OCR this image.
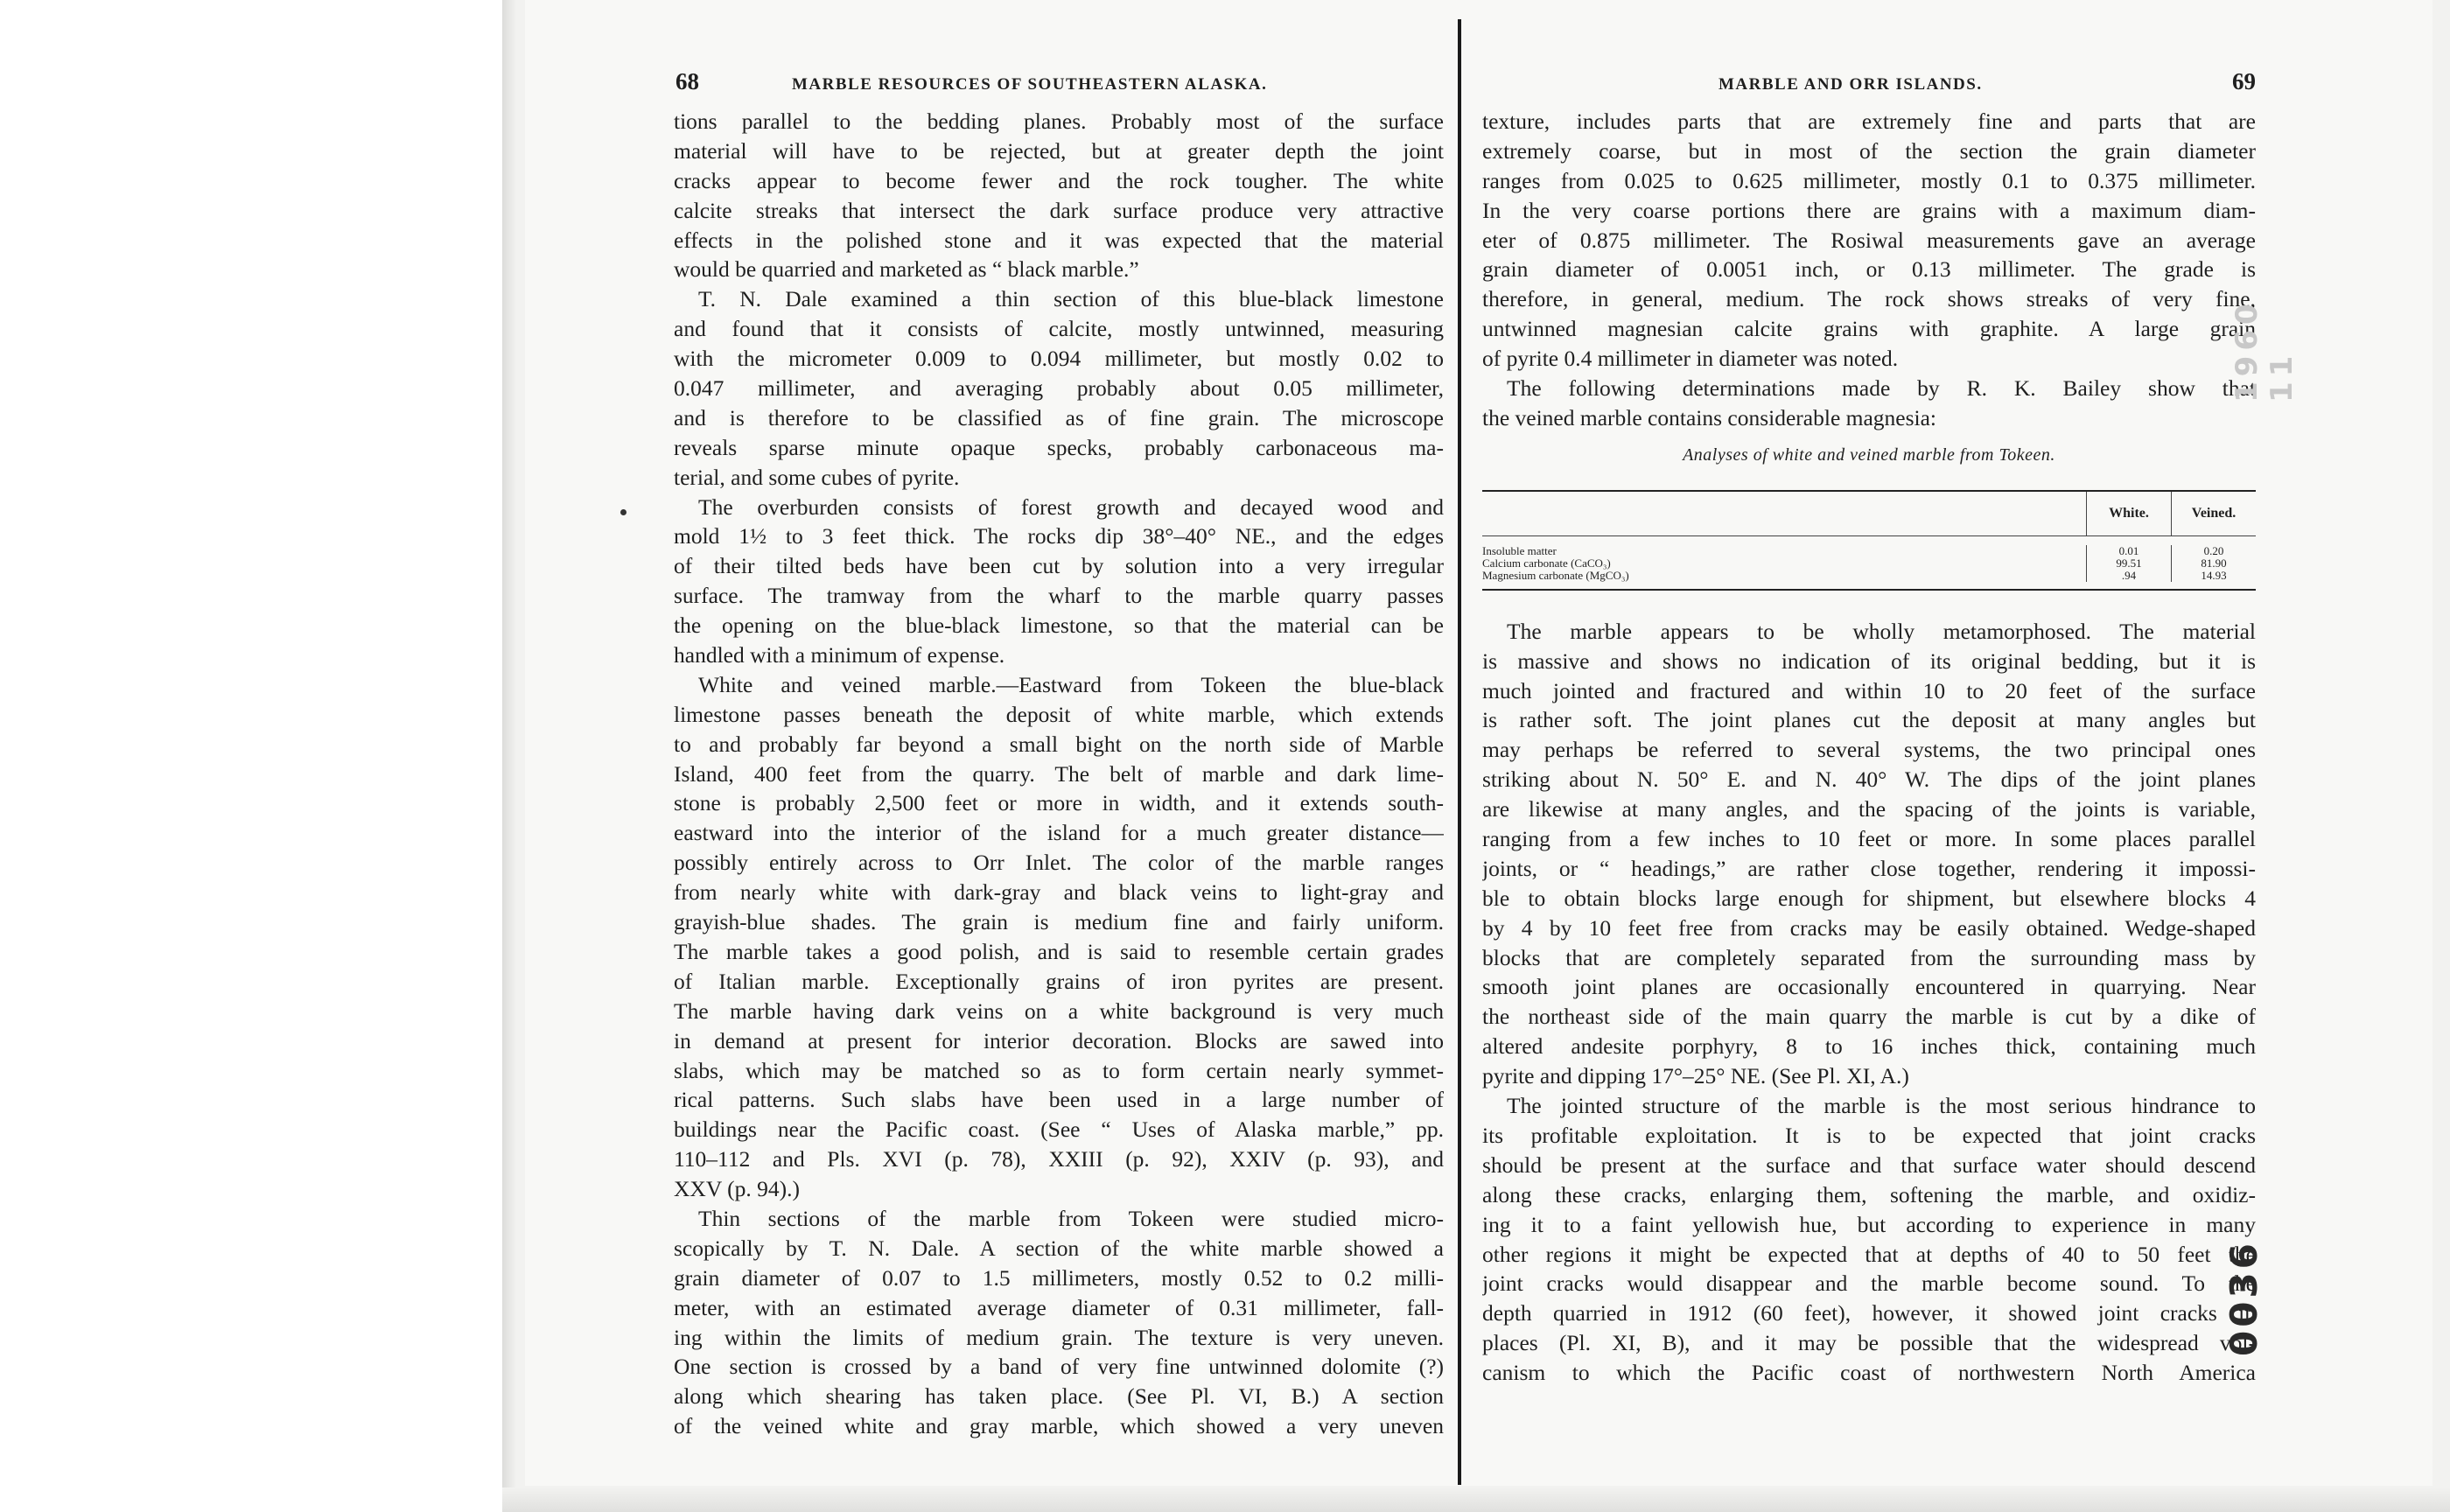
68	MARBLE RESOURCES OF SOUTHEASTERN ALASKA.
tions parallel to the bedding planes. Probably most of the surface
material will have to be rejected, but at greater depth the joint
cracks appear to become fewer and the rock tougher. The white
calcite streaks that intersect the dark surface produce very attractive
effects in the polished stone and it was expected that the material
would be quarried and marketed as “ black marble.”
T. N. Dale examined a thin section of this blue-black limestone
and found that it consists of calcite, mostly untwinned, measuring
with the micrometer 0.009 to 0.094 millimeter, but mostly 0.02 to
0.047 millimeter, and averaging probably about 0.05 millimeter,
and is therefore to be classified as of fine grain. The microscope
reveals sparse minute opaque specks, probably carbonaceous ma-
terial, and some cubes of pyrite.
The overburden consists of forest growth and decayed wood and
mold 1½ to 3 feet thick. The rocks dip 38°–40° NE., and the edges
of their tilted beds have been cut by solution into a very irregular
surface. The tramway from the wharf to the marble quarry passes
the opening on the blue-black limestone, so that the material can be
handled with a minimum of expense.
White and veined marble.—Eastward from Tokeen the blue-black
limestone passes beneath the deposit of white marble, which extends
to and probably far beyond a small bight on the north side of Marble
Island, 400 feet from the quarry. The belt of marble and dark lime-
stone is probably 2,500 feet or more in width, and it extends south-
eastward into the interior of the island for a much greater distance—
possibly entirely across to Orr Inlet. The color of the marble ranges
from nearly white with dark-gray and black veins to light-gray and
grayish-blue shades. The grain is medium fine and fairly uniform.
The marble takes a good polish, and is said to resemble certain grades
of Italian marble. Exceptionally grains of iron pyrites are present.
The marble having dark veins on a white background is very much
in demand at present for interior decoration. Blocks are sawed into
slabs, which may be matched so as to form certain nearly symmet-
rical patterns. Such slabs have been used in a large number of
buildings near the Pacific coast. (See “ Uses of Alaska marble,” pp.
110–112 and Pls. XVI (p. 78), XXIII (p. 92), XXIV (p. 93), and
XXV (p. 94).)
Thin sections of the marble from Tokeen were studied micro-
scopically by T. N. Dale. A section of the white marble showed a
grain diameter of 0.07 to 1.5 millimeters, mostly 0.52 to 0.2 milli-
meter, with an estimated average diameter of 0.31 millimeter, fall-
ing within the limits of medium grain. The texture is very uneven.
One section is crossed by a band of very fine untwinned dolomite (?)
along which shearing has taken place. (See Pl. VI, B.) A section
of the veined white and gray marble, which showed a very uneven
MARBLE AND ORR ISLANDS.	69
texture, includes parts that are extremely fine and parts that are
extremely coarse, but in most of the section the grain diameter
ranges from 0.025 to 0.625 millimeter, mostly 0.1 to 0.375 millimeter.
In the very coarse portions there are grains with a maximum diam-
eter of 0.875 millimeter. The Rosiwal measurements gave an average
grain diameter of 0.0051 inch, or 0.13 millimeter. The grade is
therefore, in general, medium. The rock shows streaks of very fine,
untwinned magnesian calcite grains with graphite. A large grain
of pyrite 0.4 millimeter in diameter was noted.
The following determinations made by R. K. Bailey show that
the veined marble contains considerable magnesia:
Analyses of white and veined marble from Tokeen.
White.	Veined.
Insoluble matter	0.01	0.20
Calcium carbonate (CaCO₃)	99.51	81.90
Magnesium carbonate (MgCO₃)	.94	14.93
The marble appears to be wholly metamorphosed. The material
is massive and shows no indication of its original bedding, but it is
much jointed and fractured and within 10 to 20 feet of the surface
is rather soft. The joint planes cut the deposit at many angles but
may perhaps be referred to several systems, the two principal ones
striking about N. 50° E. and N. 40° W. The dips of the joint planes
are likewise at many angles, and the spacing of the joints is variable,
ranging from a few inches to 10 feet or more. In some places parallel
joints, or “ headings,” are rather close together, rendering it impossi-
ble to obtain blocks large enough for shipment, but elsewhere blocks 4
by 4 by 10 feet free from cracks may be easily obtained. Wedge-shaped
blocks that are completely separated from the surrounding mass by
smooth joint planes are occasionally encountered in quarrying. Near
the northeast side of the main quarry the marble is cut by a dike of
altered andesite porphyry, 8 to 16 inches thick, containing much
pyrite and dipping 17°–25° NE. (See Pl. XI, A.)
The jointed structure of the marble is the most serious hindrance to
its profitable exploitation. It is to be expected that joint cracks
should be present at the surface and that surface water should descend
along these cracks, enlarging them, softening the marble, and oxidiz-
ing it to a faint yellowish hue, but according to experience in many
other regions it might be expected that at depths of 40 to 50 feet the
joint cracks would disappear and the marble become sound. To the
depth quarried in 1912 (60 feet), however, it showed joint cracks in
places (Pl. XI, B), and it may be possible that the widespread vol-
canism to which the Pacific coast of northwestern North America
1960 11
0036
